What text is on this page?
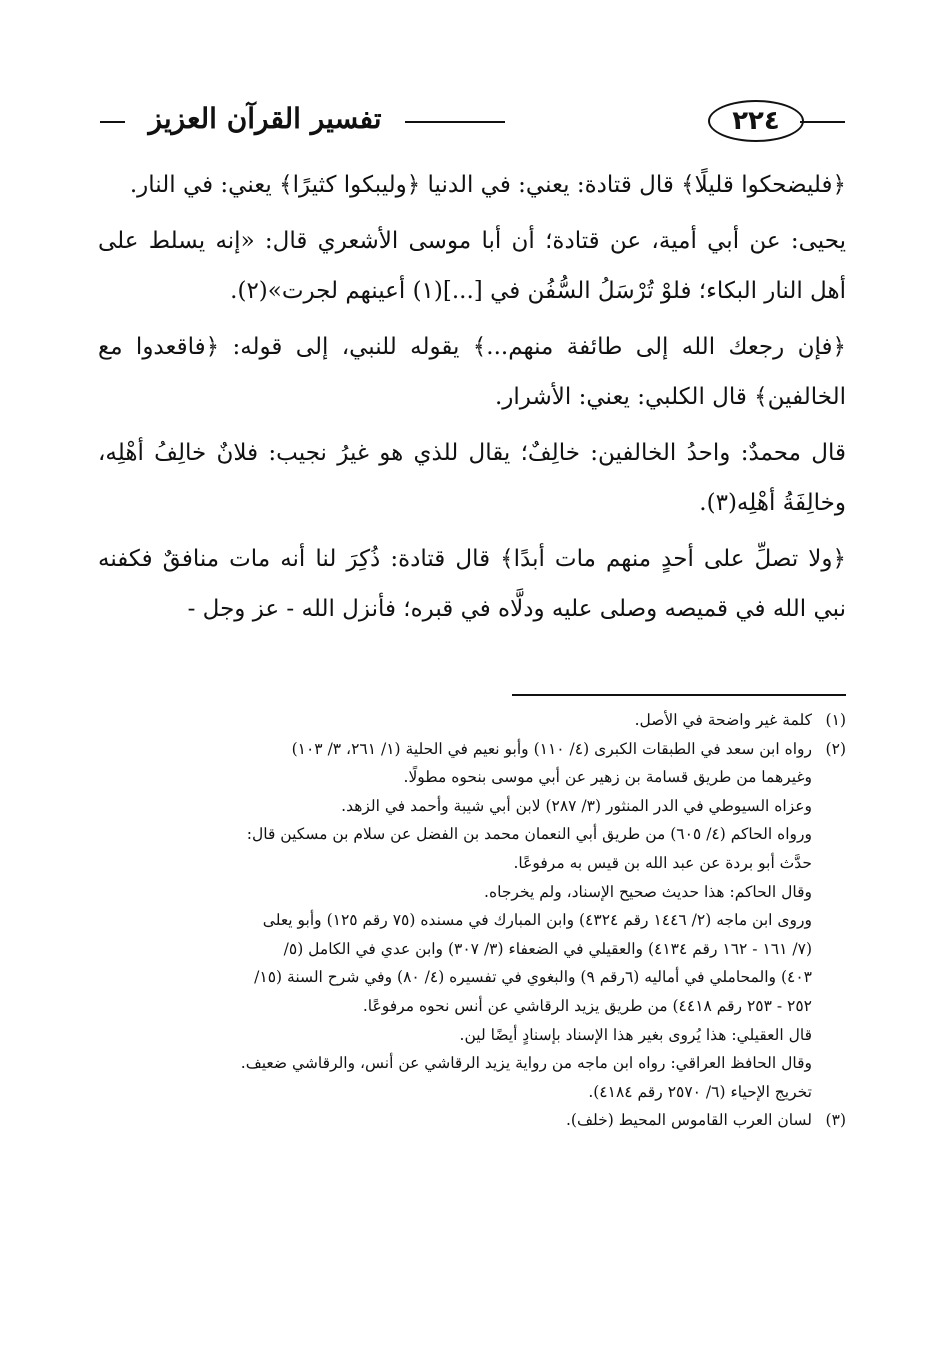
تفسير القرآن العزيز	٢٢٤

﴿فليضحكوا قليلًا﴾ قال قتادة: يعني: في الدنيا ﴿وليبكوا كثيرًا﴾ يعني: في النار.

يحيى: عن أبي أمية، عن قتادة؛ أن أبا موسى الأشعري قال: «إنه يسلط على أهل النار البكاء؛ فلوْ تُرْسَلُ السُّفُن في [...](١) أعينهم لجرت»(٢).

﴿فإن رجعك الله إلى طائفة منهم...﴾ يقوله للنبي، إلى قوله: ﴿فاقعدوا مع الخالفين﴾ قال الكلبي: يعني: الأشرار.

قال محمدٌ: واحدُ الخالفين: خالِفٌ؛ يقال للذي هو غيرُ نجيب: فلانٌ خالِفُ أهْلِه، وخالِفَةُ أهْلِه(٣).

﴿ولا تصلِّ على أحدٍ منهم مات أبدًا﴾ قال قتادة: ذُكِرَ لنا أنه مات منافقٌ فكفنه نبي الله في قميصه وصلى عليه ودلَّاه في قبره؛ فأنزل الله - عز وجل -

(١)
كلمة غير واضحة في الأصل.
(٢)
رواه ابن سعد في الطبقات الكبرى (٤/ ١١٠) وأبو نعيم في الحلية (١/ ٢٦١، ٣/ ١٠٣)
وغيرهما من طريق قسامة بن زهير عن أبي موسى بنحوه مطولًا.
وعزاه السيوطي في الدر المنثور (٣/ ٢٨٧) لابن أبي شيبة وأحمد في الزهد.
ورواه الحاكم (٤/ ٦٠٥) من طريق أبي النعمان محمد بن الفضل عن سلام بن مسكين قال:
حدَّث أبو بردة عن عبد الله بن قيس به مرفوعًا.
وقال الحاكم: هذا حديث صحيح الإسناد، ولم يخرجاه.
وروى ابن ماجه (٢/ ١٤٤٦ رقم ٤٣٢٤) وابن المبارك في مسنده (٧٥ رقم ١٢٥) وأبو يعلى
(٧/ ١٦١ - ١٦٢ رقم ٤١٣٤) والعقيلي في الضعفاء (٣/ ٣٠٧) وابن عدي في الكامل (٥/
٤٠٣) والمحاملي في أماليه (٦رقم ٩) والبغوي في تفسيره (٤/ ٨٠) وفي شرح السنة (١٥/
٢٥٢ - ٢٥٣ رقم ٤٤١٨) من طريق يزيد الرقاشي عن أنس نحوه مرفوعًا.
قال العقيلي: هذا يُروى بغير هذا الإسناد بإسنادٍ أيضًا لين.
وقال الحافظ العراقي: رواه ابن ماجه من رواية يزيد الرقاشي عن أنس، والرقاشي ضعيف.
تخريج الإحياء (٦/ ٢٥٧٠ رقم ٤١٨٤).
(٣)
لسان العرب القاموس المحيط (خلف).
